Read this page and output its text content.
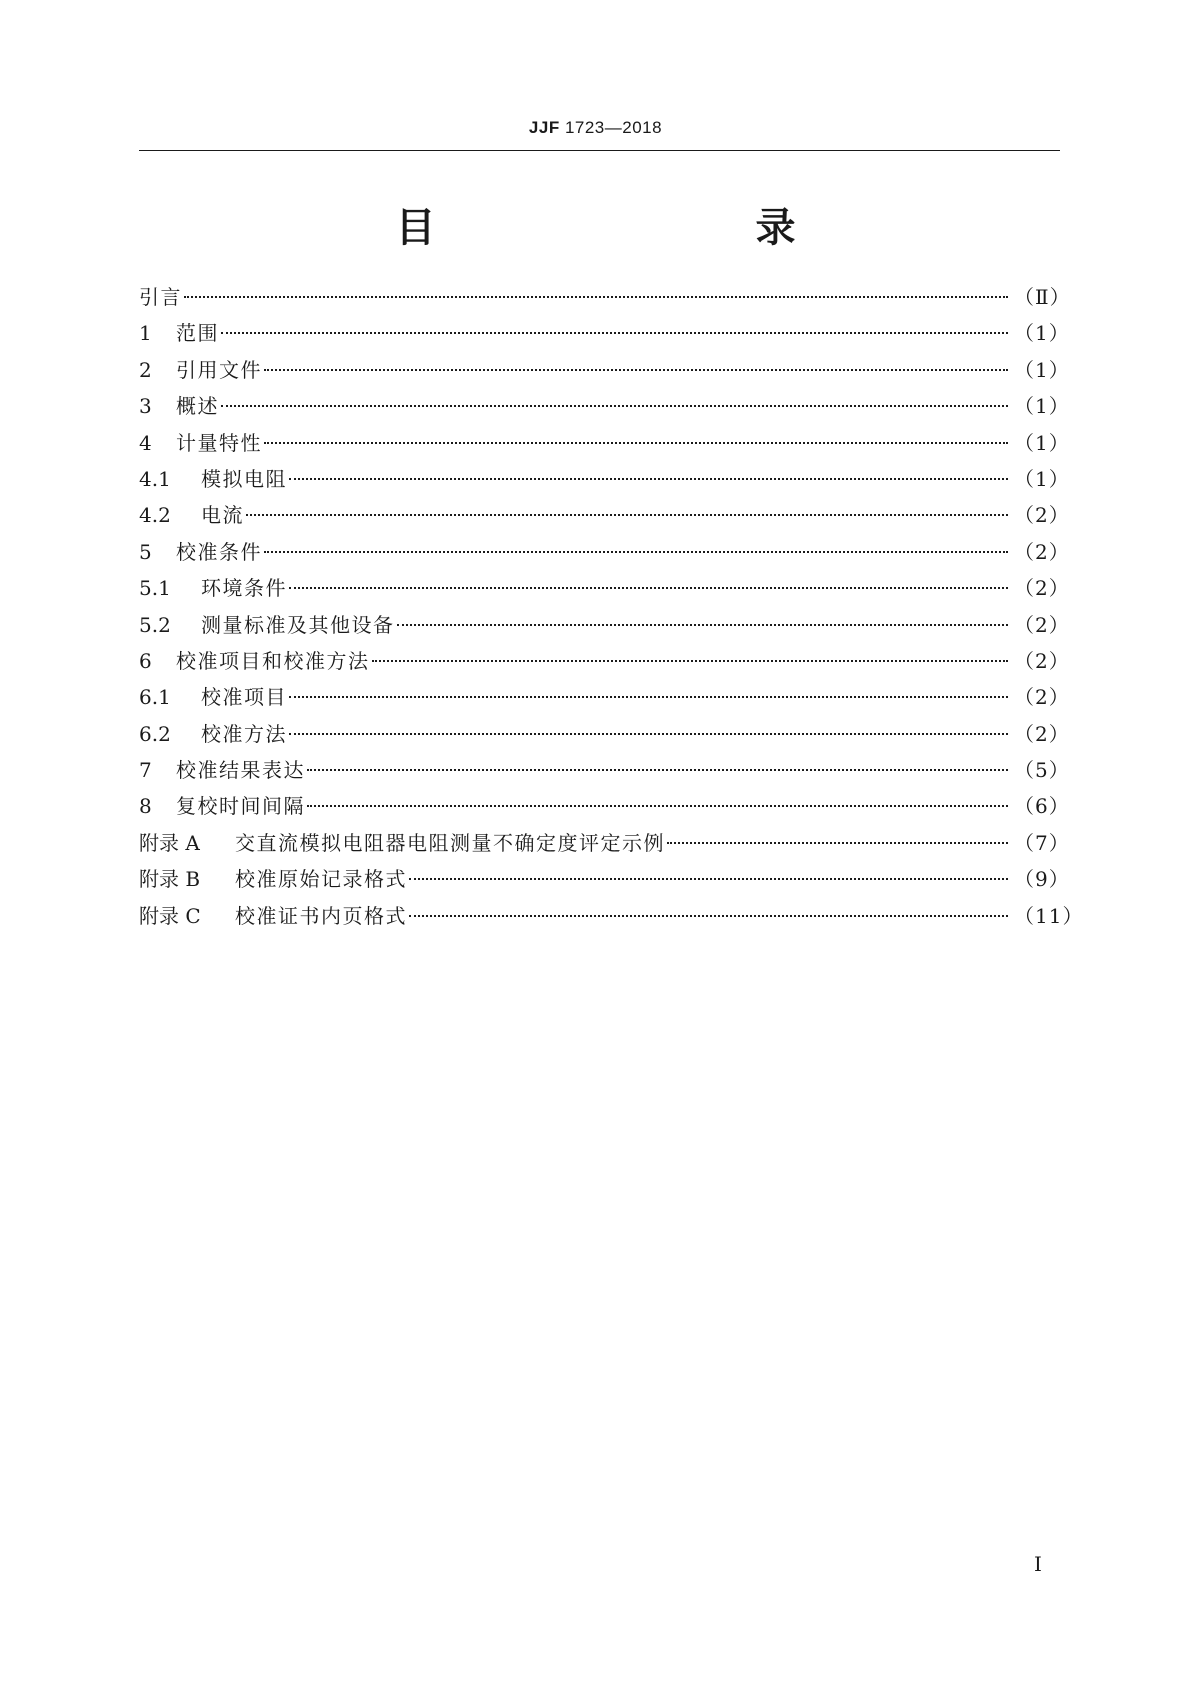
JJF 1723—2018
目　　录
引言	（Ⅱ）
1	范围	（1）
2	引用文件	（1）
3	概述	（1）
4	计量特性	（1）
4.1	模拟电阻	（1）
4.2	电流	（2）
5	校准条件	（2）
5.1	环境条件	（2）
5.2	测量标准及其他设备	（2）
6	校准项目和校准方法	（2）
6.1	校准项目	（2）
6.2	校准方法	（2）
7	校准结果表达	（5）
8	复校时间间隔	（6）
附录 A	交直流模拟电阻器电阻测量不确定度评定示例	（7）
附录 B	校准原始记录格式	（9）
附录 C	校准证书内页格式	（11）
Ⅰ
